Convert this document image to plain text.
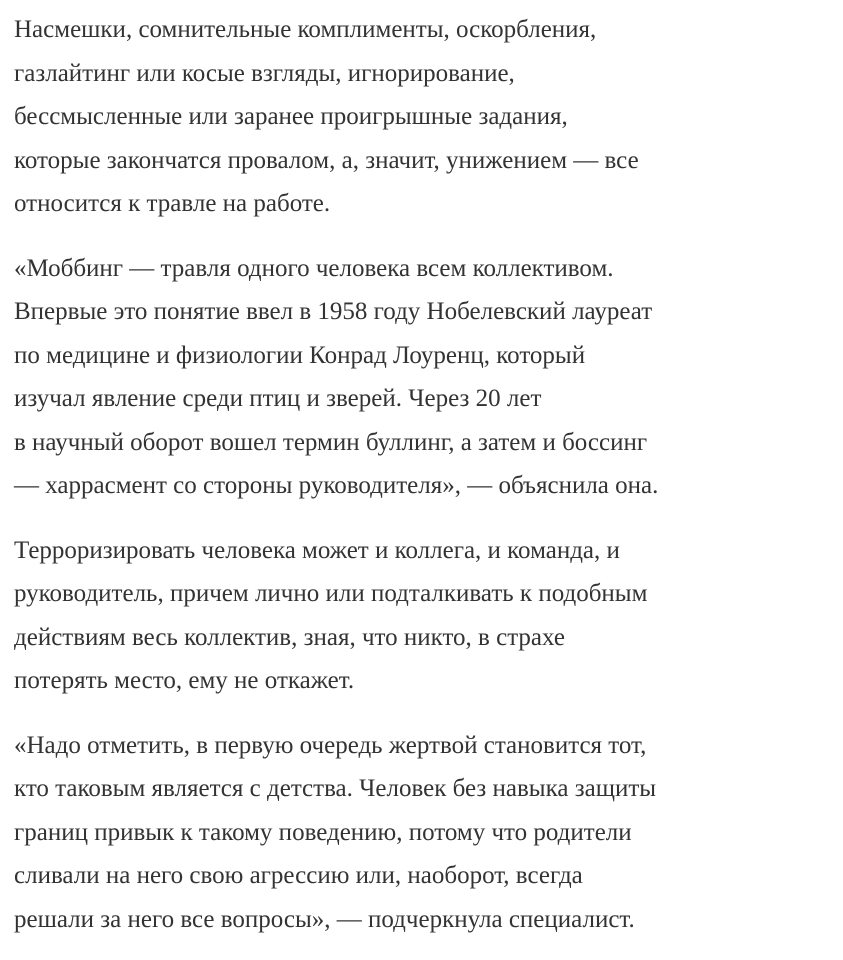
Насмешки, сомнительные комплименты, оскорбления,
газлайтинг или косые взгляды, игнорирование,
бессмысленные или заранее проигрышные задания,
которые закончатся провалом, а, значит, унижением — все
относится к травле на работе.

«Моббинг — травля одного человека всем коллективом.
Впервые это понятие ввел в 1958 году Нобелевский лауреат
по медицине и физиологии Конрад Лоуренц, который
изучал явление среди птиц и зверей. Через 20 лет
в научный оборот вошел термин буллинг, а затем и боссинг
— харрасмент со стороны руководителя», — объяснила она.

Терроризировать человека может и коллега, и команда, и
руководитель, причем лично или подталкивать к подобным
действиям весь коллектив, зная, что никто, в страхе
потерять место, ему не откажет.

«Надо отметить, в первую очередь жертвой становится тот,
кто таковым является с детства. Человек без навыка защиты
границ привык к такому поведению, потому что родители
сливали на него свою агрессию или, наоборот, всегда
решали за него все вопросы», — подчеркнула специалист.
